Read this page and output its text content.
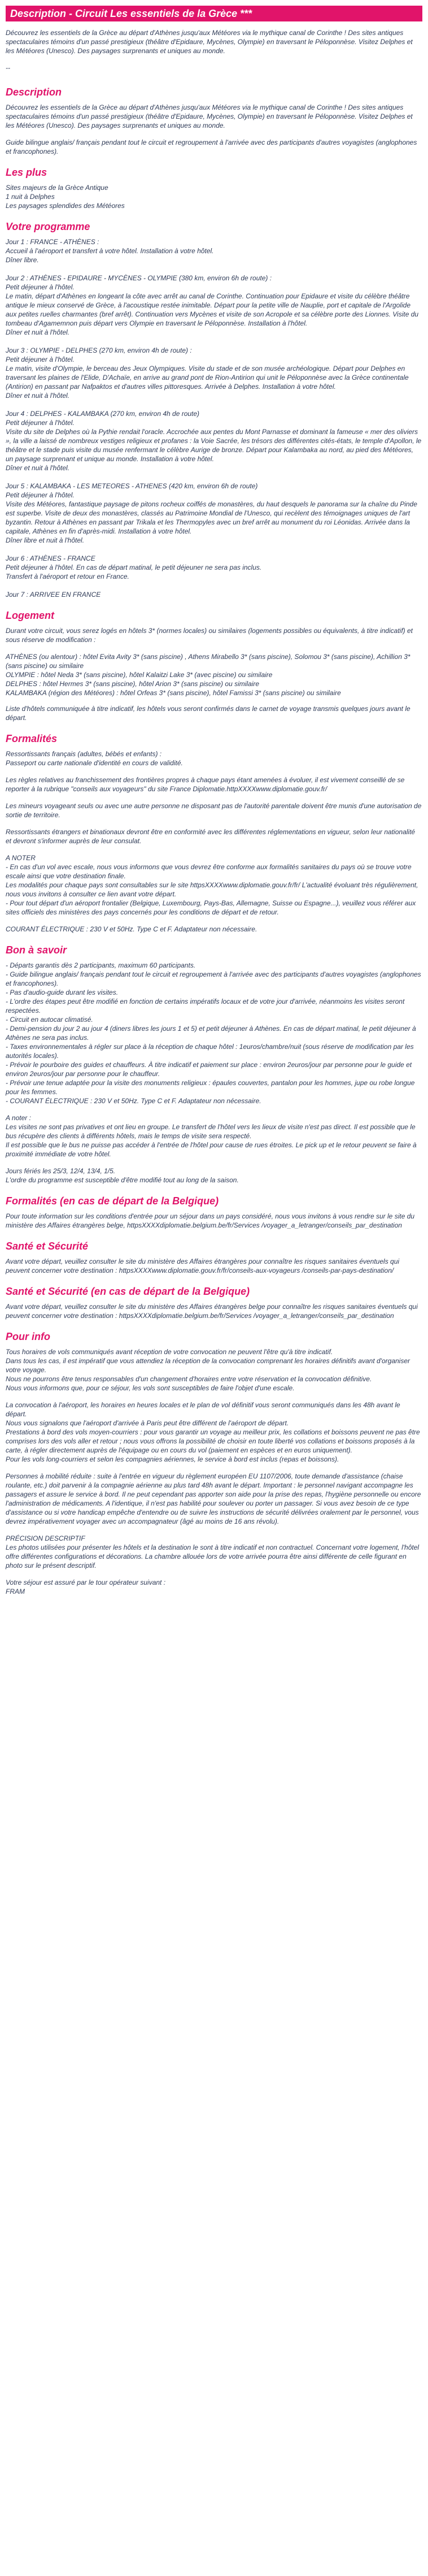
Description - Circuit Les essentiels de la Grèce ***

Découvrez les essentiels de la Grèce au départ d'Athènes jusqu'aux Météores via le mythique canal de Corinthe ! Des sites antiques spectaculaires témoins d'un passé prestigieux (théâtre d'Epidaure, Mycènes, Olympie) en traversant le Péloponnèse. Visitez Delphes et les Météores (Unesco). Des paysages surprenants et uniques au monde.

--

Description

Découvrez les essentiels de la Grèce au départ d'Athènes jusqu'aux Météores via le mythique canal de Corinthe ! Des sites antiques spectaculaires témoins d'un passé prestigieux (théâtre d'Epidaure, Mycènes, Olympie) en traversant le Péloponnèse. Visitez Delphes et les Météores (Unesco). Des paysages surprenants et uniques au monde.

Guide bilingue anglais/ français pendant tout le circuit et regroupement à l'arrivée avec des participants d'autres voyagistes (anglophones et francophones).

Les plus
Sites majeurs de la Grèce Antique
1 nuit à Delphes
Les paysages splendides des Météores
Votre programme
Jour 1 : FRANCE - ATHÈNES :
Accueil à l'aéroport et transfert à votre hôtel. Installation à votre hôtel.
Dîner libre.
Jour 2 : ATHÈNES - EPIDAURE - MYCÈNES - OLYMPIE (380 km, environ 6h de route) :
Petit déjeuner à l'hôtel.
Le matin, départ d'Athènes en longeant la côte avec arrêt au canal de Corinthe. Continuation pour Epidaure et visite du célèbre théâtre antique le mieux conservé de Grèce, à l'acoustique restée inimitable. Départ pour la petite ville de Nauplie, port et capitale de l'Argolide aux petites ruelles charmantes (bref arrêt). Continuation vers Mycènes et visite de son Acropole et sa célèbre porte des Lionnes. Visite du tombeau d'Agamemnon puis départ vers Olympie en traversant le Péloponnèse. Installation à l'hôtel.
Dîner et nuit à l'hôtel.
Jour 3 : OLYMPIE - DELPHES (270 km, environ 4h de route) :
Petit déjeuner à l'hôtel.
Le matin, visite d'Olympie, le berceau des Jeux Olympiques. Visite du stade et de son musée archéologique. Départ pour Delphes en traversant les plaines de l'Elide, D'Achaïe, en arrive au grand pont de Rion-Antirion qui unit le Péloponnèse avec la Grèce continentale (Antirion) en passant par Nafpaktos et d'autres villes pittoresques. Arrivée à Delphes. Installation à votre hôtel.
Dîner et nuit à l'hôtel.
Jour 4 : DELPHES - KALAMBAKA (270 km, environ 4h de route)
Petit déjeuner à l'hôtel.
Visite du site de Delphes où la Pythie rendait l'oracle. Accrochée aux pentes du Mont Parnasse et dominant la fameuse « mer des oliviers », la ville a laissé de nombreux vestiges religieux et profanes : la Voie Sacrée, les trésors des différentes cités-états, le temple d'Apollon, le théâtre et le stade puis visite du musée renfermant le célèbre Aurige de bronze. Départ pour Kalambaka au nord, au pied des Météores, un paysage surprenant et unique au monde. Installation à votre hôtel.
Dîner et nuit à l'hôtel.
Jour 5 : KALAMBAKA - LES METEORES - ATHENES (420 km, environ 6h de route)
Petit déjeuner à l'hôtel.
Visite des Météores, fantastique paysage de pitons rocheux coiffés de monastères, du haut desquels le panorama sur la chaîne du Pinde est superbe. Visite de deux des monastères, classés au Patrimoine Mondial de l'Unesco, qui recèlent des témoignages uniques de l'art byzantin. Retour à Athènes en passant par Trikala et les Thermopyles avec un bref arrêt au monument du roi Léonidas. Arrivée dans la capitale, Athènes en fin d'après-midi. Installation à votre hôtel.
Dîner libre et nuit à l'hôtel.
Jour 6 : ATHÈNES - FRANCE
Petit déjeuner à l'hôtel. En cas de départ matinal, le petit déjeuner ne sera pas inclus.
Transfert à l'aéroport et retour en France.
Jour 7 : ARRIVEE EN FRANCE
Logement

Durant votre circuit, vous serez logés en hôtels 3* (normes locales) ou similaires (logements possibles ou équivalents, à titre indicatif) et sous réserve de modification :

ATHÈNES (ou alentour) : hôtel Evita Avity 3* (sans piscine) , Athens Mirabello 3* (sans piscine), Solomou 3* (sans piscine), Achillion 3* (sans piscine) ou similaire
OLYMPIE : hôtel Neda 3* (sans piscine), hôtel Kalaitzi Lake 3* (avec piscine) ou similaire
DELPHES : hôtel Hermes 3* (sans piscine), hôtel Arion 3* (sans piscine) ou similaire
KALAMBAKA (région des Météores) : hôtel Orfeas 3* (sans piscine), hôtel Famissi 3* (sans piscine) ou similaire

Liste d'hôtels communiquée à titre indicatif, les hôtels vous seront confirmés dans le carnet de voyage transmis quelques jours avant le départ.

Formalités
Ressortissants français (adultes, bébés et enfants) :
Passeport ou carte nationale d'identité en cours de validité.

Les règles relatives au franchissement des frontières propres à chaque pays étant amenées à évoluer, il est vivement conseillé de se reporter à la rubrique "conseils aux voyageurs" du site France Diplomatie.httpXXXXwww.diplomatie.gouv.fr/

Les mineurs voyageant seuls ou avec une autre personne ne disposant pas de l'autorité parentale doivent être munis d'une autorisation de sortie de territoire.

Ressortissants étrangers et binationaux devront être en conformité avec les différentes réglementations en vigueur, selon leur nationalité et devront s'informer auprès de leur consulat.

A NOTER
- En cas d'un vol avec escale, nous vous informons que vous devrez être conforme aux formalités sanitaires du pays où se trouve votre escale ainsi que votre destination finale.
Les modalités pour chaque pays sont consultables sur le site httpsXXXXwww.diplomatie.gouv.fr/fr/ L'actualité évoluant très régulièrement, nous vous invitons à consulter ce lien avant votre départ.
- Pour tout départ d'un aéroport frontalier (Belgique, Luxembourg, Pays-Bas, Allemagne, Suisse ou Espagne...), veuillez vous référer aux sites officiels des ministères des pays concernés pour les conditions de départ et de retour.

COURANT ÉLECTRIQUE : 230 V et 50Hz. Type C et F. Adaptateur non nécessaire.

Bon à savoir
- Départs garantis dès 2 participants, maximum 60 participants.
- Guide bilingue anglais/ français pendant tout le circuit et regroupement à l'arrivée avec des participants d'autres voyagistes (anglophones et francophones).
- Pas d'audio-guide durant les visites.
- L'ordre des étapes peut être modifié en fonction de certains impératifs locaux et de votre jour d'arrivée, néanmoins les visites seront respectées.
- Circuit en autocar climatisé.
- Demi-pension du jour 2 au jour 4 (diners libres les jours 1 et 5) et petit déjeuner à Athènes. En cas de départ matinal, le petit déjeuner à Athènes ne sera pas inclus.
- Taxes environnementales à régler sur place à la réception de chaque hôtel : 1euros/chambre/nuit (sous réserve de modification par les autorités locales).
- Prévoir le pourboire des guides et chauffeurs. À titre indicatif et paiement sur place : environ 2euros/jour par personne pour le guide et environ 2euros/jour par personne pour le chauffeur.
- Prévoir une tenue adaptée pour la visite des monuments religieux : épaules couvertes, pantalon pour les hommes, jupe ou robe longue pour les femmes.
- COURANT ÉLECTRIQUE : 230 V et 50Hz. Type C et F. Adaptateur non nécessaire.
A noter :
Les visites ne sont pas privatives et ont lieu en groupe. Le transfert de l'hôtel vers les lieux de visite n'est pas direct. Il est possible que le bus récupère des clients à différents hôtels, mais le temps de visite sera respecté.
Il est possible que le bus ne puisse pas accéder à l'entrée de l'hôtel pour cause de rues étroites. Le pick up et le retour peuvent se faire à proximité immédiate de votre hôtel.
Jours fériés les 25/3, 12/4, 13/4, 1/5.
L'ordre du programme est susceptible d'être modifié tout au long de la saison.
Formalités (en cas de départ de la Belgique)

Pour toute information sur les conditions d'entrée pour un séjour dans un pays considéré, nous vous invitons à vous rendre sur le site du ministère des Affaires étrangères belge, httpsXXXXdiplomatie.belgium.be/fr/Services /voyager_a_letranger/conseils_par_destination

Santé et Sécurité

Avant votre départ, veuillez consulter le site du ministère des Affaires étrangères pour connaître les risques sanitaires éventuels qui peuvent concerner votre destination : httpsXXXXwww.diplomatie.gouv.fr/fr/conseils-aux-voyageurs /conseils-par-pays-destination/

Santé et Sécurité (en cas de départ de la Belgique)

Avant votre départ, veuillez consulter le site du ministère des Affaires étrangères belge pour connaître les risques sanitaires éventuels qui peuvent concerner votre destination : httpsXXXXdiplomatie.belgium.be/fr/Services /voyager_a_letranger/conseils_par_destination

Pour info
Tous horaires de vols communiqués avant réception de votre convocation ne peuvent l'être qu'à titre indicatif.
Dans tous les cas, il est impératif que vous attendiez la réception de la convocation comprenant les horaires définitifs avant d'organiser votre voyage.
Nous ne pourrons être tenus responsables d'un changement d'horaires entre votre réservation et la convocation définitive.
Nous vous informons que, pour ce séjour, les vols sont susceptibles de faire l'objet d'une escale.
La convocation à l'aéroport, les horaires en heures locales et le plan de vol définitif vous seront communiqués dans les 48h avant le départ.
Nous vous signalons que l'aéroport d'arrivée à Paris peut être différent de l'aéroport de départ.
Prestations à bord des vols moyen-courriers : pour vous garantir un voyage au meilleur prix, les collations et boissons peuvent ne pas être comprises lors des vols aller et retour ; nous vous offrons la possibilité de choisir en toute liberté vos collations et boissons proposés à la carte, à régler directement auprès de l'équipage ou en cours du vol (paiement en espèces et en euros uniquement).
Pour les vols long-courriers et selon les compagnies aériennes, le service à bord est inclus (repas et boissons).

Personnes à mobilité réduite : suite à l'entrée en vigueur du règlement européen EU 1107/2006, toute demande d'assistance (chaise roulante, etc.) doit parvenir à la compagnie aérienne au plus tard 48h avant le départ. Important : le personnel navigant accompagne les passagers et assure le service à bord. Il ne peut cependant pas apporter son aide pour la prise des repas, l'hygiène personnelle ou encore l'administration de médicaments. A l'identique, il n'est pas habilité pour soulever ou porter un passager. Si vous avez besoin de ce type d'assistance ou si votre handicap empêche d'entendre ou de suivre les instructions de sécurité délivrées oralement par le personnel, vous devrez impérativement voyager avec un accompagnateur (âgé au moins de 16 ans révolu).

PRÉCISION DESCRIPTIF
Les photos utilisées pour présenter les hôtels et la destination le sont à titre indicatif et non contractuel. Concernant votre logement, l'hôtel offre différentes configurations et décorations. La chambre allouée lors de votre arrivée pourra être ainsi différente de celle figurant en photo sur le présent descriptif.
Votre séjour est assuré par le tour opérateur suivant :
FRAM
